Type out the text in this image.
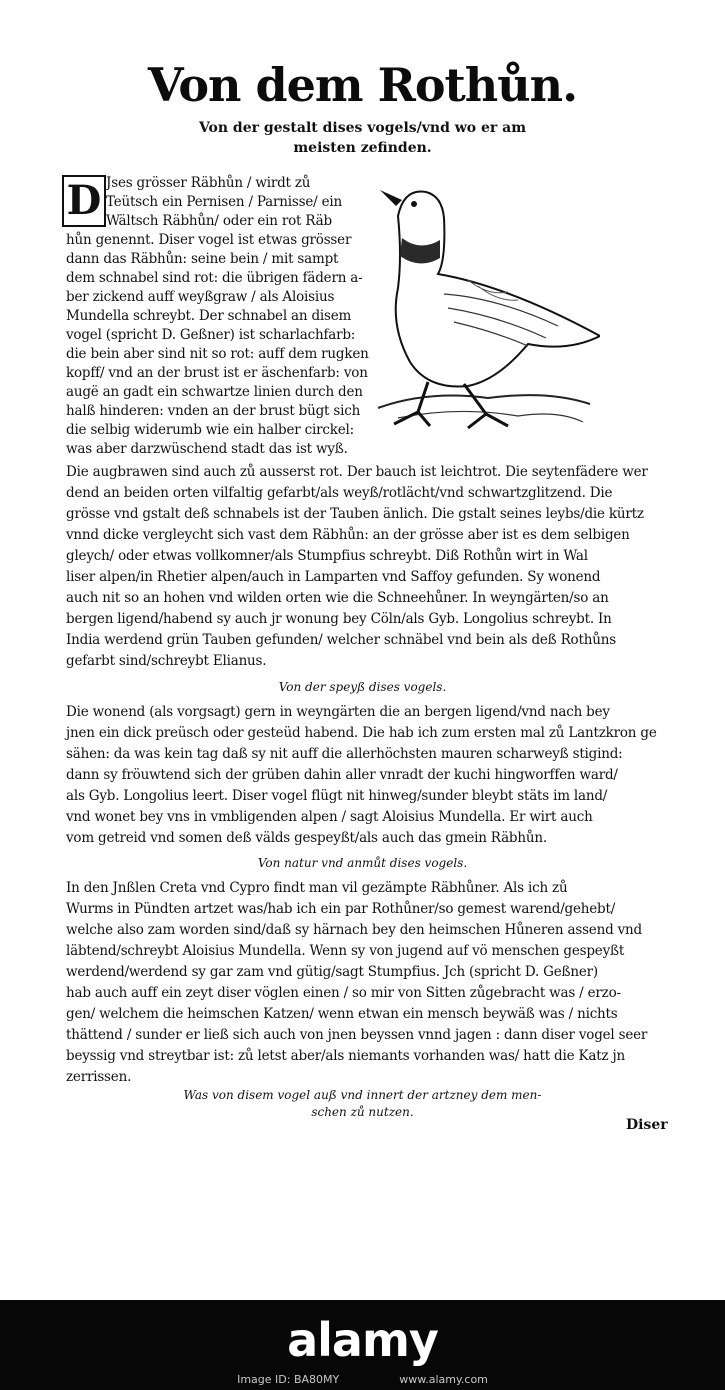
Von dem Rothůn.
Von der gestalt dises vogels/vnd wo er am
meisten zefinden.
D Jses grösser Räbhůn / wirdt zů
Teütsch ein Pernisen / Parnisse/ ein
Wältsch Räbhůn/ oder ein rot Räb
hůn genennt. Diser vogel ist etwas grösser
dann das Räbhůn: seine bein / mit sampt
dem schnabel sind rot: die übrigen fädern a-
ber zickend auff weyßgraw / als Aloisius
Mundella schreybt. Der schnabel an disem
vogel (spricht D. Geßner) ist scharlachfarb:
die bein aber sind nit so rot: auff dem rugken
kopff/ vnd an der brust ist er äschenfarb: von
augë an gadt ein schwartze linien durch den
halß hinderen: vnden an der brust bügt sich
die selbig widerumb wie ein halber circkel:
was aber darzwüschend stadt das ist wyß.
Die augbrawen sind auch zů ausserst rot. Der bauch ist leichtrot. Die seytenfädere wer
dend an beiden orten vilfaltig gefarbt/als weyß/rotlächt/vnd schwartzglitzend. Die
grösse vnd gstalt deß schnabels ist der Tauben änlich. Die gstalt seines leybs/die kürtz
vnnd dicke vergleycht sich vast dem Räbhůn: an der grösse aber ist es dem selbigen
gleych/ oder etwas vollkomner/als Stumpfius schreybt. Diß Rothůn wirt in Wal
liser alpen/in Rhetier alpen/auch in Lamparten vnd Saffoy gefunden. Sy wonend
auch nit so an hohen vnd wilden orten wie die Schneehůner. In weyngärten/so an
bergen ligend/habend sy auch jr wonung bey Cöln/als Gyb. Longolius schreybt. In
India werdend grün Tauben gefunden/ welcher schnäbel vnd bein als deß Rothůns
gefarbt sind/schreybt Elianus.
Von der speyß dises vogels.
Die wonend (als vorgsagt) gern in weyngärten die an bergen ligend/vnd nach bey
jnen ein dick preüsch oder gesteüd habend. Die hab ich zum ersten mal zů Lantzkron ge
sähen: da was kein tag daß sy nit auff die allerhöchsten mauren scharweyß stigind:
dann sy fröuwtend sich der grüben dahin aller vnradt der kuchi hingworffen ward/
als Gyb. Longolius leert. Diser vogel flügt nit hinweg/sunder bleybt stäts im land/
vnd wonet bey vns in vmbligenden alpen / sagt Aloisius Mundella. Er wirt auch
vom getreid vnd somen deß välds gespeyßt/als auch das gmein Räbhůn.
Von natur vnd anmůt dises vogels.
In den Jnßlen Creta vnd Cypro findt man vil gezämpte Räbhůner. Als ich zů
Wurms in Pündten artzet was/hab ich ein par Rothůner/so gemest warend/gehebt/
welche also zam worden sind/daß sy härnach bey den heimschen Hůneren assend vnd
läbtend/schreybt Aloisius Mundella. Wenn sy von jugend auf vö menschen gespeyßt
werdend/werdend sy gar zam vnd gütig/sagt Stumpfius. Jch (spricht D. Geßner)
hab auch auff ein zeyt diser vöglen einen / so mir von Sitten zůgebracht was / erzo-
gen/ welchem die heimschen Katzen/ wenn etwan ein mensch beywäß was / nichts
thättend / sunder er ließ sich auch von jnen beyssen vnnd jagen : dann diser vogel seer
beyssig vnd streytbar ist: zů letst aber/als niemants vorhanden was/ hatt die Katz jn
zerrissen.
Was von disem vogel auß vnd innert der artzney dem men-
schen zů nutzen.
Diser
alamy
Image ID: BA80MY	www.alamy.com
